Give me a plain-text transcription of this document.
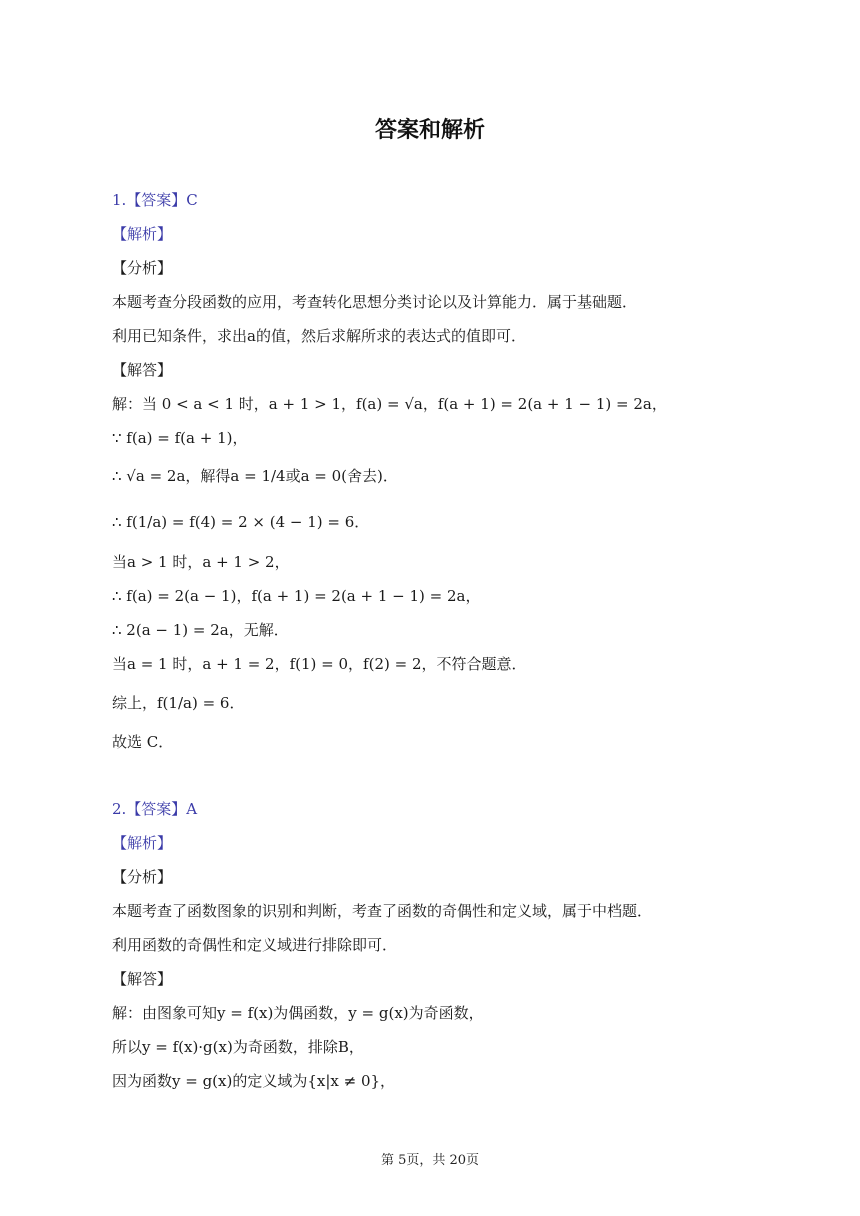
答案和解析
1.【答案】C
【解析】
【分析】
本题考查分段函数的应用，考查转化思想分类讨论以及计算能力．属于基础题．
利用已知条件，求出a的值，然后求解所求的表达式的值即可．
【解答】
解：当 0 < a < 1 时，a + 1 > 1，f(a) = √a，f(a + 1) = 2(a + 1 − 1) = 2a，
∵ f(a) = f(a + 1)，
∴ √a = 2a，解得a = 1/4或a = 0(舍去)．
∴ f(1/a) = f(4) = 2 × (4 − 1) = 6．
当a > 1 时，a + 1 > 2，
∴ f(a) = 2(a − 1)，f(a + 1) = 2(a + 1 − 1) = 2a，
∴ 2(a − 1) = 2a，无解．
当a = 1 时，a + 1 = 2，f(1) = 0，f(2) = 2，不符合题意．
综上，f(1/a) = 6．
故选 C．
2.【答案】A
【解析】
【分析】
本题考查了函数图象的识别和判断，考查了函数的奇偶性和定义域，属于中档题．
利用函数的奇偶性和定义域进行排除即可．
【解答】
解：由图象可知y = f(x)为偶函数，y = g(x)为奇函数，
所以y = f(x)·g(x)为奇函数，排除B，
因为函数y = g(x)的定义域为{x|x ≠ 0}，
第 5页，共 20页
